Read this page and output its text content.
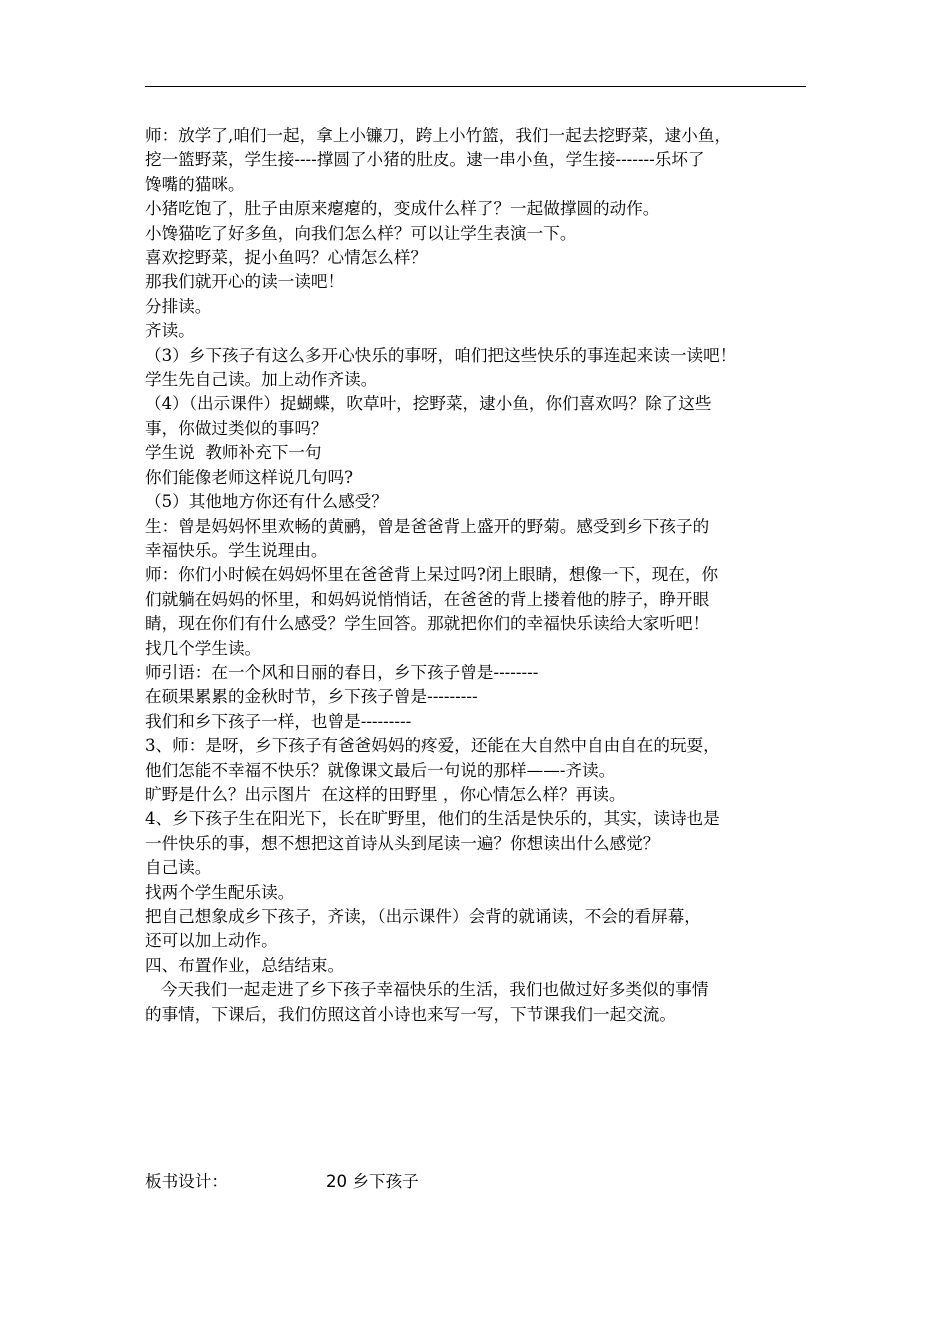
师：放学了,咱们一起，拿上小镰刀，跨上小竹篮，我们一起去挖野菜，逮小鱼，

挖一篮野菜，学生接----撑圆了小猪的肚皮。逮一串小鱼，学生接-------乐坏了

馋嘴的猫咪。

小猪吃饱了，肚子由原来瘪瘪的，变成什么样了？一起做撑圆的动作。

小馋猫吃了好多鱼，向我们怎么样？可以让学生表演一下。

喜欢挖野菜，捉小鱼吗？心情怎么样？

那我们就开心的读一读吧！

分排读。

齐读。

（3）乡下孩子有这么多开心快乐的事呀，咱们把这些快乐的事连起来读一读吧！

学生先自己读。加上动作齐读。

（4）（出示课件）捉蝴蝶，吹草叶，挖野菜，逮小鱼，你们喜欢吗？除了这些

事，你做过类似的事吗？

学生说  教师补充下一句

你们能像老师这样说几句吗?

（5）其他地方你还有什么感受？

生：曾是妈妈怀里欢畅的黄鹂，曾是爸爸背上盛开的野菊。感受到乡下孩子的

幸福快乐。学生说理由。

师：你们小时候在妈妈怀里在爸爸背上呆过吗?闭上眼睛，想像一下，现在，你

们就躺在妈妈的怀里，和妈妈说悄悄话，在爸爸的背上搂着他的脖子，睁开眼

睛，现在你们有什么感受？学生回答。那就把你们的幸福快乐读给大家听吧！

找几个学生读。

师引语：在一个风和日丽的春日，乡下孩子曾是--------

在硕果累累的金秋时节，乡下孩子曾是---------

我们和乡下孩子一样，也曾是---------

3、师：是呀，乡下孩子有爸爸妈妈的疼爱，还能在大自然中自由自在的玩耍，

他们怎能不幸福不快乐？就像课文最后一句说的那样——-齐读。

旷野是什么？出示图片  在这样的田野里 ，你心情怎么样？再读。

4、乡下孩子生在阳光下，长在旷野里，他们的生活是快乐的，其实，读诗也是

一件快乐的事，想不想把这首诗从头到尾读一遍？你想读出什么感觉？

自己读。

找两个学生配乐读。

把自己想象成乡下孩子，齐读，（出示课件）会背的就诵读，不会的看屏幕，

还可以加上动作。

四、布置作业，总结结束。

今天我们一起走进了乡下孩子幸福快乐的生活，我们也做过好多类似的事情

的事情，下课后，我们仿照这首小诗也来写一写，下节课我们一起交流。

板书设计：	20 乡下孩子
